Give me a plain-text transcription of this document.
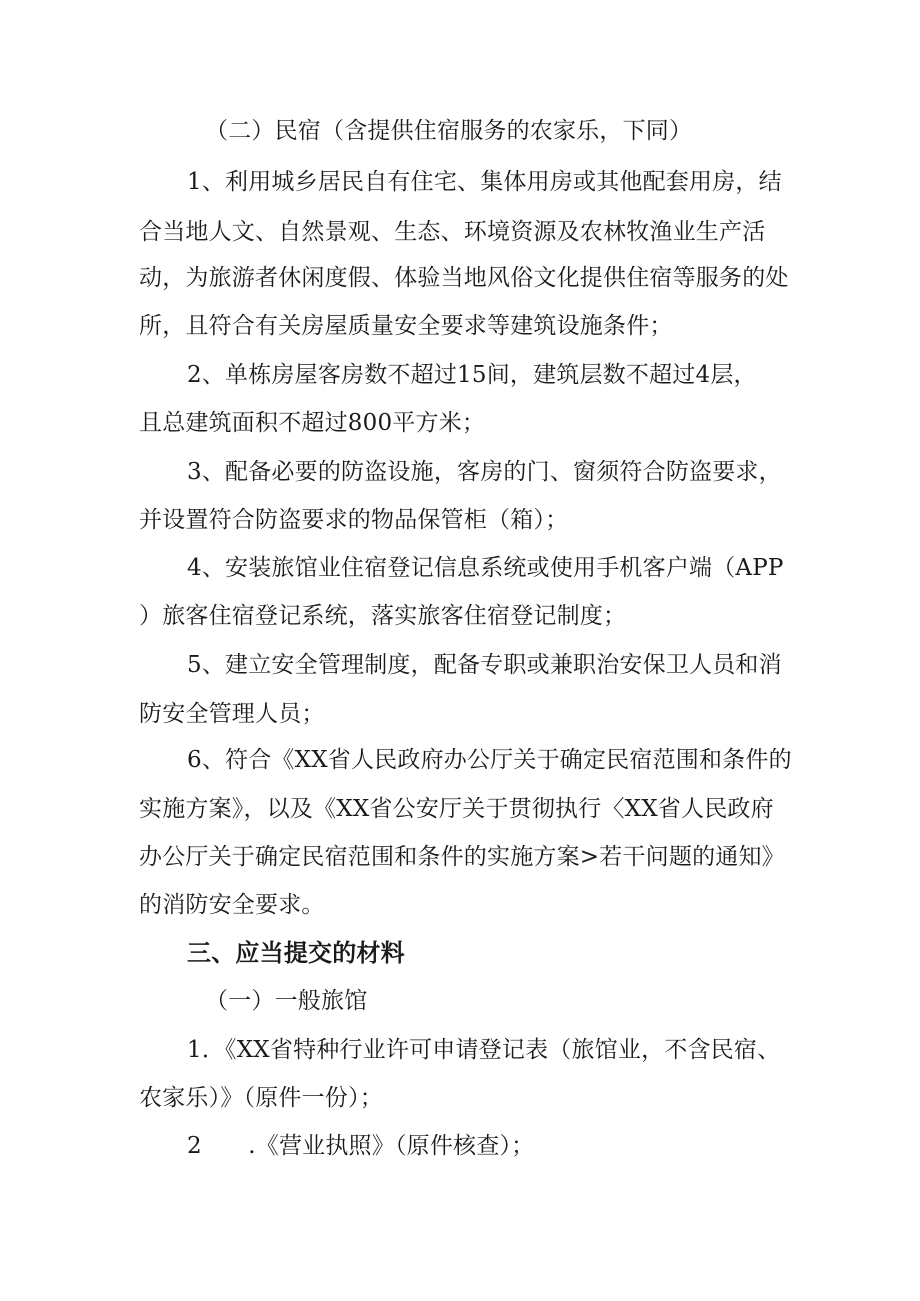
（二）民宿（含提供住宿服务的农家乐，下同）
1、利用城乡居民自有住宅、集体用房或其他配套用房，结
合当地人文、自然景观、生态、环境资源及农林牧渔业生产活
动，为旅游者休闲度假、体验当地风俗文化提供住宿等服务的处
所，且符合有关房屋质量安全要求等建筑设施条件；
2、单栋房屋客房数不超过15间，建筑层数不超过4层，
且总建筑面积不超过800平方米；
3、配备必要的防盗设施，客房的门、窗须符合防盗要求，
并设置符合防盗要求的物品保管柜（箱）；
4、安装旅馆业住宿登记信息系统或使用手机客户端（APP
）旅客住宿登记系统，落实旅客住宿登记制度；
5、建立安全管理制度，配备专职或兼职治安保卫人员和消
防安全管理人员；
6、符合《XX省人民政府办公厅关于确定民宿范围和条件的
实施方案》，以及《XX省公安厅关于贯彻执行〈XX省人民政府
办公厅关于确定民宿范围和条件的实施方案>若干问题的通知》
的消防安全要求。
三、应当提交的材料
（一）一般旅馆
1．《XX省特种行业许可申请登记表（旅馆业，不含民宿、
农家乐）》（原件一份）；
2　　.《营业执照》（原件核查）；
